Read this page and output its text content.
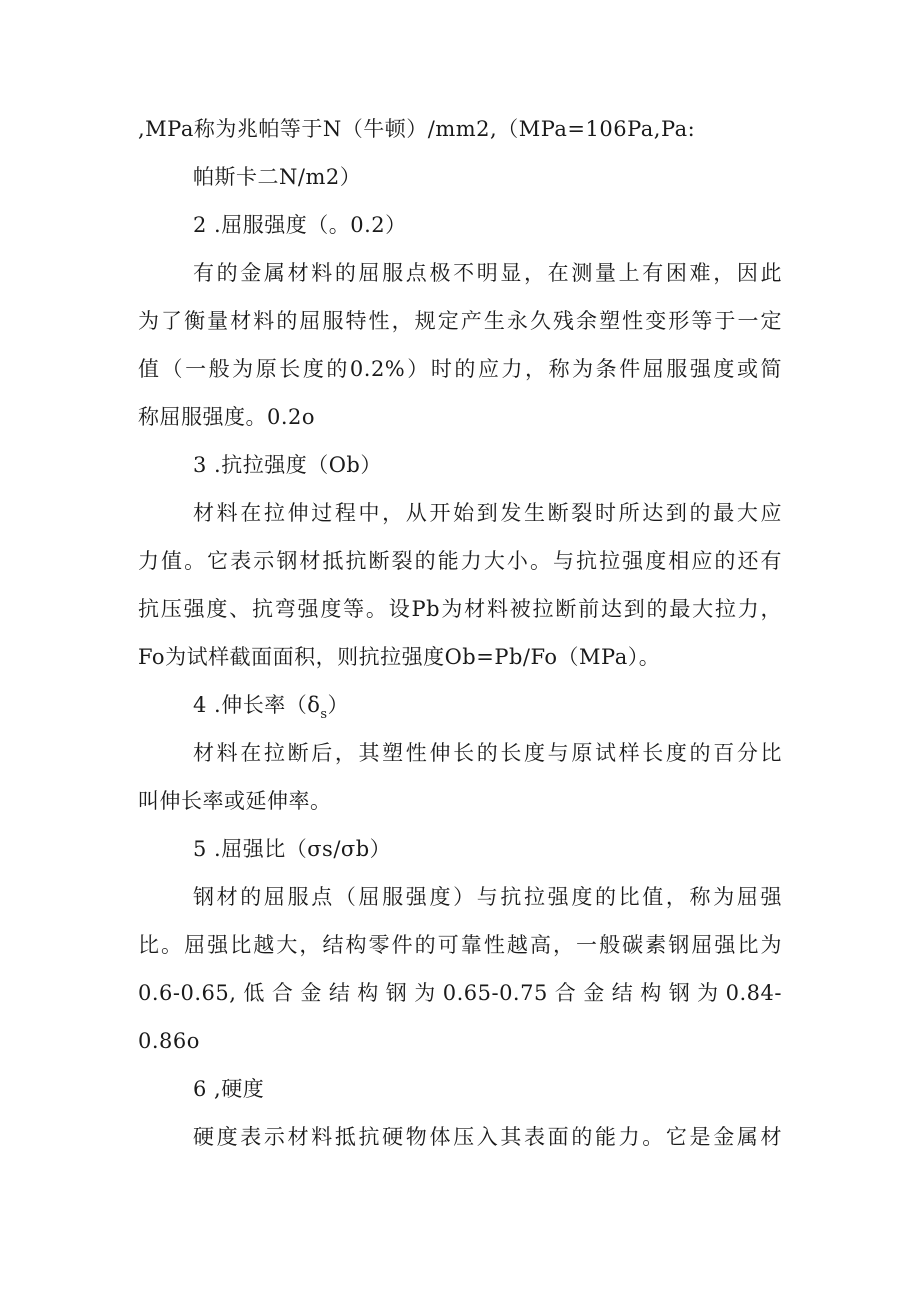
,MPa称为兆帕等于N（牛顿）/mm2,（MPa=106Pa,Pa:
帕斯卡二N/m2）
2 .屈服强度（。0.2）
有的金属材料的屈服点极不明显，在测量上有困难，因此
为了衡量材料的屈服特性，规定产生永久残余塑性变形等于一定
值（一般为原长度的0.2%）时的应力，称为条件屈服强度或简
称屈服强度。0.2o
3 .抗拉强度（Ob）
材料在拉伸过程中，从开始到发生断裂时所达到的最大应
力值。它表示钢材抵抗断裂的能力大小。与抗拉强度相应的还有
抗压强度、抗弯强度等。设Pb为材料被拉断前达到的最大拉力，
Fo为试样截面面积，则抗拉强度Ob=Pb/Fo（MPa）。
4 .伸长率$(\delta_s)$
材料在拉断后，其塑性伸长的长度与原试样长度的百分比
叫伸长率或延伸率。
5 .屈强比（σs/σb）
钢材的屈服点（屈服强度）与抗拉强度的比值，称为屈强
比。屈强比越大，结构零件的可靠性越高，一般碳素钢屈强比为
0.6-0.65,低合金结构钢为0.65-0.75合金结构钢为0.84-
0.86o
6 ,硬度
硬度表示材料抵抗硬物体压入其表面的能力。它是金属材
